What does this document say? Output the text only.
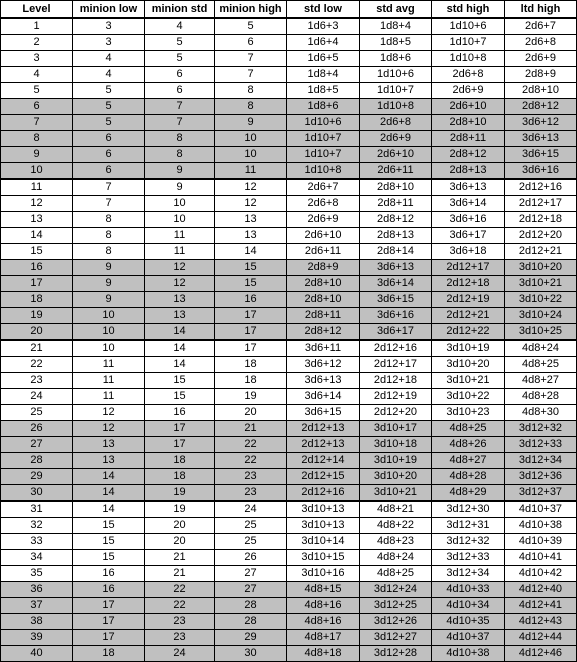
Level	minion low	minion std	minion high	std low	std avg	std high	ltd high
1	3	4	5	1d6+3	1d8+4	1d10+6	2d6+7
2	3	5	6	1d6+4	1d8+5	1d10+7	2d6+8
3	4	5	7	1d6+5	1d8+6	1d10+8	2d6+9
4	4	6	7	1d8+4	1d10+6	2d6+8	2d8+9
5	5	6	8	1d8+5	1d10+7	2d6+9	2d8+10
6	5	7	8	1d8+6	1d10+8	2d6+10	2d8+12
7	5	7	9	1d10+6	2d6+8	2d8+10	3d6+12
8	6	8	10	1d10+7	2d6+9	2d8+11	3d6+13
9	6	8	10	1d10+7	2d6+10	2d8+12	3d6+15
10	6	9	11	1d10+8	2d6+11	2d8+13	3d6+16
11	7	9	12	2d6+7	2d8+10	3d6+13	2d12+16
12	7	10	12	2d6+8	2d8+11	3d6+14	2d12+17
13	8	10	13	2d6+9	2d8+12	3d6+16	2d12+18
14	8	11	13	2d6+10	2d8+13	3d6+17	2d12+20
15	8	11	14	2d6+11	2d8+14	3d6+18	2d12+21
16	9	12	15	2d8+9	3d6+13	2d12+17	3d10+20
17	9	12	15	2d8+10	3d6+14	2d12+18	3d10+21
18	9	13	16	2d8+10	3d6+15	2d12+19	3d10+22
19	10	13	17	2d8+11	3d6+16	2d12+21	3d10+24
20	10	14	17	2d8+12	3d6+17	2d12+22	3d10+25
21	10	14	17	3d6+11	2d12+16	3d10+19	4d8+24
22	11	14	18	3d6+12	2d12+17	3d10+20	4d8+25
23	11	15	18	3d6+13	2d12+18	3d10+21	4d8+27
24	11	15	19	3d6+14	2d12+19	3d10+22	4d8+28
25	12	16	20	3d6+15	2d12+20	3d10+23	4d8+30
26	12	17	21	2d12+13	3d10+17	4d8+25	3d12+32
27	13	17	22	2d12+13	3d10+18	4d8+26	3d12+33
28	13	18	22	2d12+14	3d10+19	4d8+27	3d12+34
29	14	18	23	2d12+15	3d10+20	4d8+28	3d12+36
30	14	19	23	2d12+16	3d10+21	4d8+29	3d12+37
31	14	19	24	3d10+13	4d8+21	3d12+30	4d10+37
32	15	20	25	3d10+13	4d8+22	3d12+31	4d10+38
33	15	20	25	3d10+14	4d8+23	3d12+32	4d10+39
34	15	21	26	3d10+15	4d8+24	3d12+33	4d10+41
35	16	21	27	3d10+16	4d8+25	3d12+34	4d10+42
36	16	22	27	4d8+15	3d12+24	4d10+33	4d12+40
37	17	22	28	4d8+16	3d12+25	4d10+34	4d12+41
38	17	23	28	4d8+16	3d12+26	4d10+35	4d12+43
39	17	23	29	4d8+17	3d12+27	4d10+37	4d12+44
40	18	24	30	4d8+18	3d12+28	4d10+38	4d12+46
